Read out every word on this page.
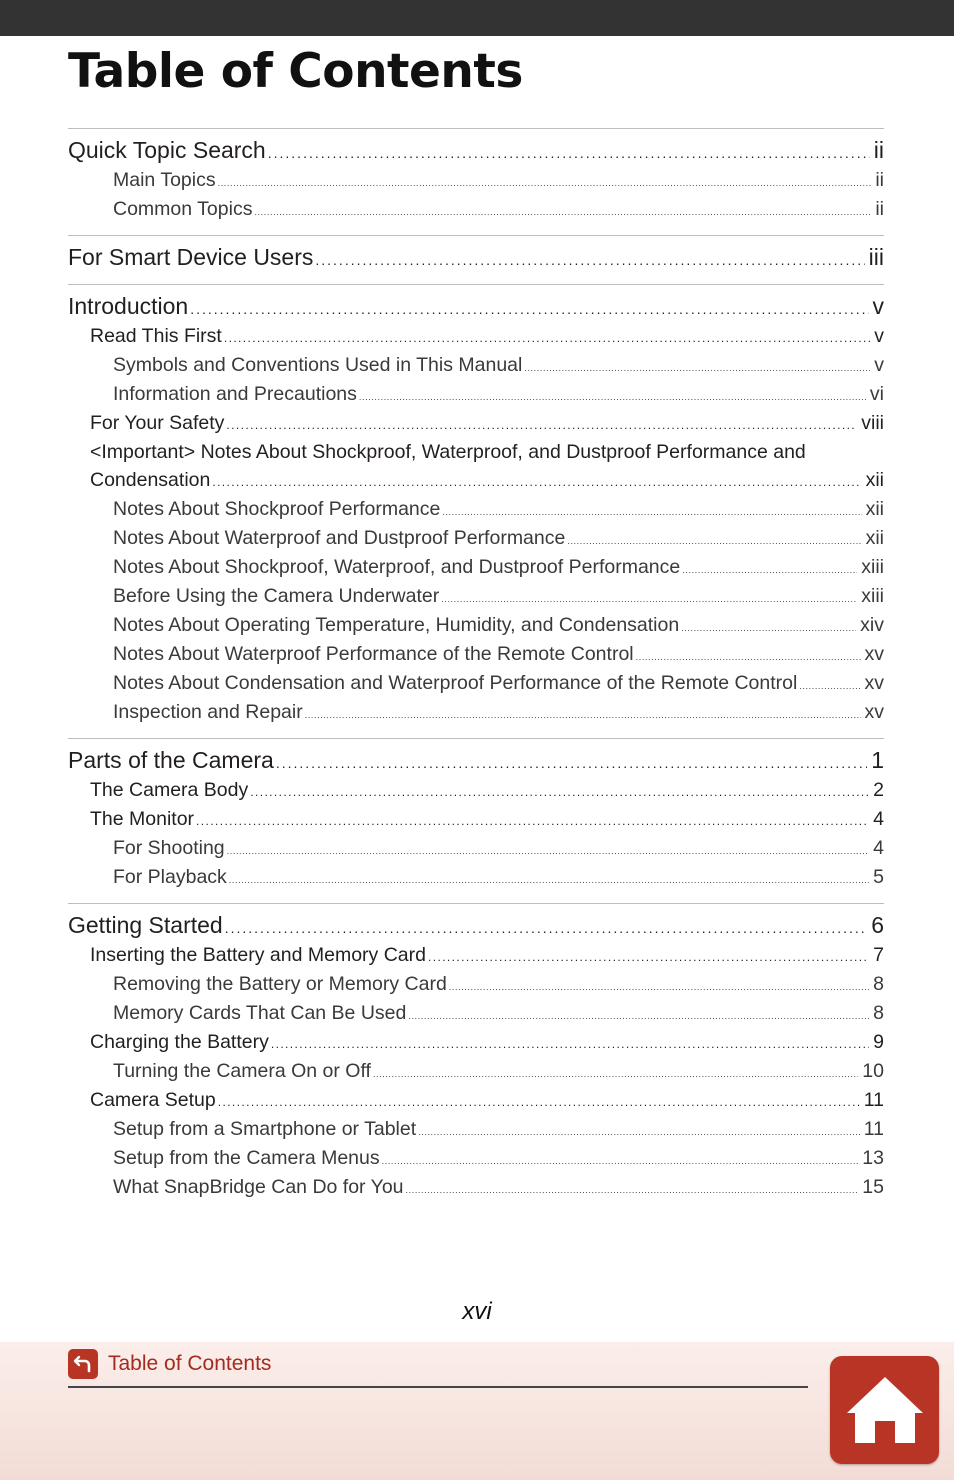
Table of Contents
Quick Topic Search .....	ii
Main Topics .....	ii
Common Topics .....	ii
For Smart Device Users .....	iii
Introduction .....	v
Read This First .....	v
Symbols and Conventions Used in This Manual .....	v
Information and Precautions .....	vi
For Your Safety .....	viii
<Important> Notes About Shockproof, Waterproof, and Dustproof Performance and
Condensation .....	xii
Notes About Shockproof Performance .....	xii
Notes About Waterproof and Dustproof Performance .....	xii
Notes About Shockproof, Waterproof, and Dustproof Performance .....	xiii
Before Using the Camera Underwater .....	xiii
Notes About Operating Temperature, Humidity, and Condensation .....	xiv
Notes About Waterproof Performance of the Remote Control .....	xv
Notes About Condensation and Waterproof Performance of the Remote Control .....	xv
Inspection and Repair .....	xv
Parts of the Camera .....	1
The Camera Body .....	2
The Monitor .....	4
For Shooting .....	4
For Playback .....	5
Getting Started .....	6
Inserting the Battery and Memory Card .....	7
Removing the Battery or Memory Card .....	8
Memory Cards That Can Be Used .....	8
Charging the Battery .....	9
Turning the Camera On or Off .....	10
Camera Setup .....	11
Setup from a Smartphone or Tablet .....	11
Setup from the Camera Menus .....	13
What SnapBridge Can Do for You .....	15
xvi
Table of Contents
